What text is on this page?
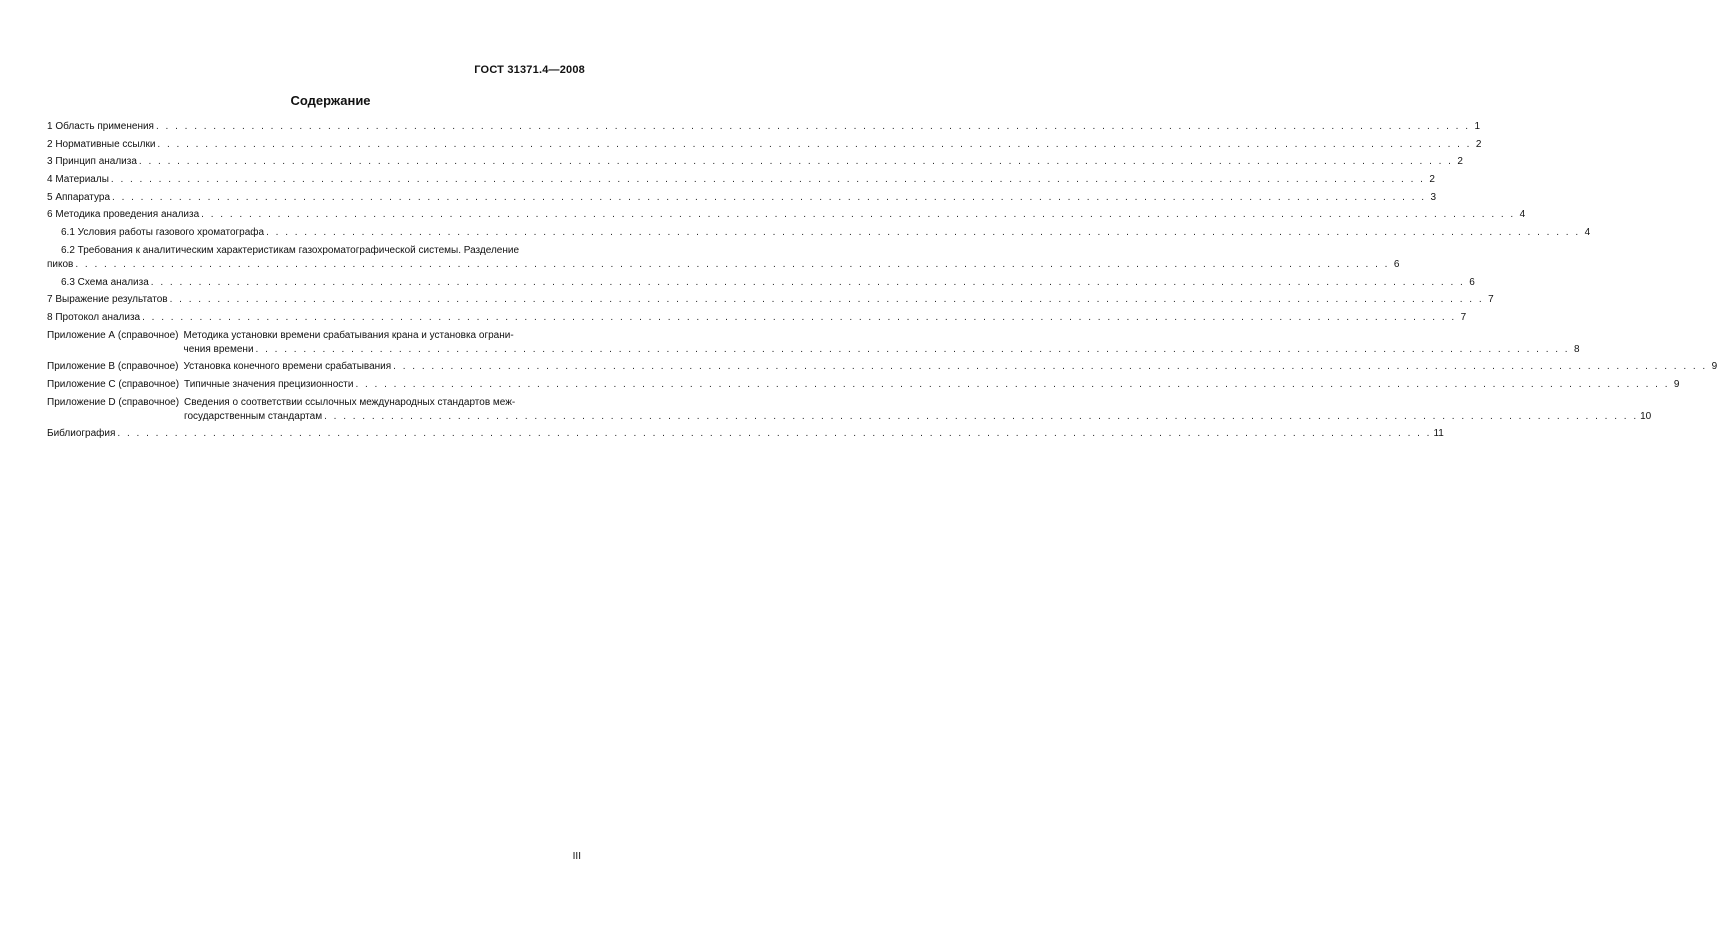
ГОСТ 31371.4—2008
Содержание
1 Область применения . . .	1
2 Нормативные ссылки . . .	2
3 Принцип анализа . . .	2
4 Материалы . . .	2
5 Аппаратура . . .	3
6 Методика проведения анализа . . .	4
6.1 Условия работы газового хроматографа . . .	4
6.2 Требования к аналитическим характеристикам газохроматографической системы. Разделение
пиков . . .	6
6.3 Схема анализа . . .	6
7 Выражение результатов . . .	7
8 Протокол анализа . . .	7
Приложение А (справочное) Методика установки времени срабатывания крана и установка ограни-
чения времени . . .	8
Приложение В (справочное) Установка конечного времени срабатывания . . .	9
Приложение С (справочное) Типичные значения прецизионности . . .	9
Приложение D (справочное) Сведения о соответствии ссылочных международных стандартов меж-
государственным стандартам . . .	10
Библиография . . .	11
III
